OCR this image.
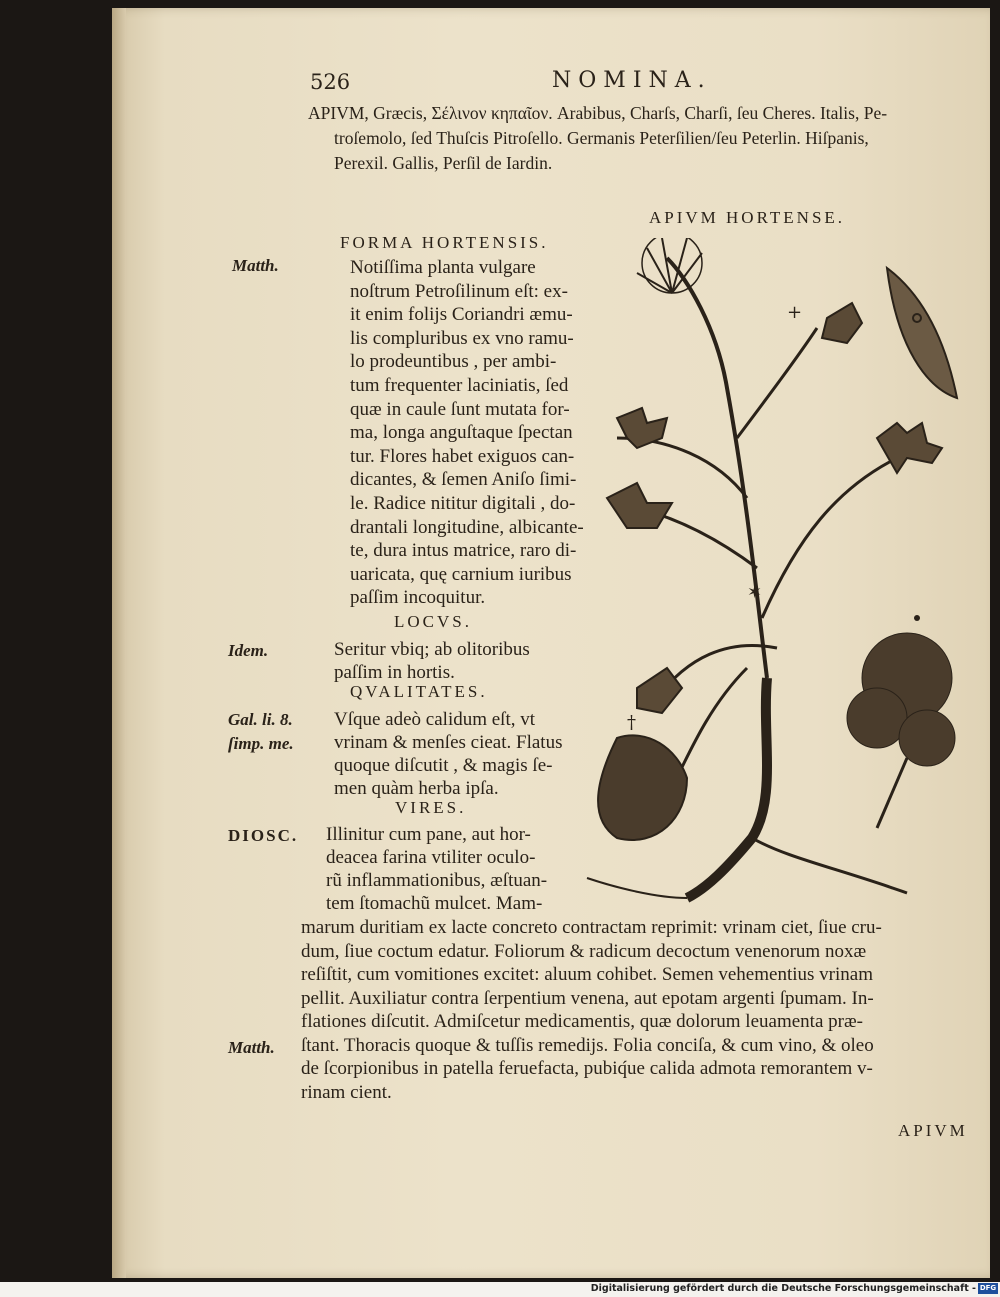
526	NOMINA.
APIVM, Græcis, Σέλινον κηπαῖον. Arabibus, Charſs, Charſi, ſeu Cheres. Italis, Pe-
troſemolo, ſed Thuſcis Pitroſello. Germanis Peterſilien/ſeu Peterlin. Hiſpanis,
Perexil. Gallis, Perſil de Iardin.
APIVM HORTENSE.
FORMA HORTENSIS.
Matth.	Notiſſima planta vulgare
noſtrum Petroſilinum eſt: ex-
it enim folijs Coriandri æmu-
lis compluribus ex vno ramu-
lo prodeuntibus , per ambi-
tum frequenter laciniatis, ſed
quæ in caule ſunt mutata for-
ma, longa anguſtaque ſpectan
tur. Flores habet exiguos can-
dicantes, & ſemen Aniſo ſimi-
le. Radice nititur digitali , do-
drantali longitudine, albicante-
te, dura intus matrice, raro di-
uaricata, quę carnium iuribus
paſſim incoquitur.
LOCVS.
Idem.	Seritur vbiq; ab olitoribus
paſſim in hortis.
QVALITATES.
Gal. li. 8.
ſimp. me.
Vſque adeò calidum eſt, vt
vrinam & menſes cieat. Flatus
quoque diſcutit , & magis ſe-
men quàm herba ipſa.
VIRES.
DIOSC.
Matth.
Illinitur cum pane, aut hor-
deacea farina vtiliter oculo-
rũ inflammationibus, æſtuan-
tem ſtomachũ mulcet. Mam-
marum duritiam ex lacte concreto contractam reprimit: vrinam ciet, ſiue cru-
dum, ſiue coctum edatur. Foliorum & radicum decoctum venenorum noxæ
reſiſtit, cum vomitiones excitet: aluum cohibet. Semen vehementius vrinam
pellit. Auxiliatur contra ſerpentium venena, aut epotam argenti ſpumam. In-
flationes diſcutit. Admiſcetur medicamentis, quæ dolorum leuamenta præ-
ſtant. Thoracis quoque & tuſſis remedijs. Folia conciſa, & cum vino, & oleo
de ſcorpionibus in patella feruefacta, pubiq́ue calida admota remorantem v-
rinam cient.
APIVM
+
✶
†
Digitalisierung gefördert durch die Deutsche Forschungsgemeinschaft - DFG
